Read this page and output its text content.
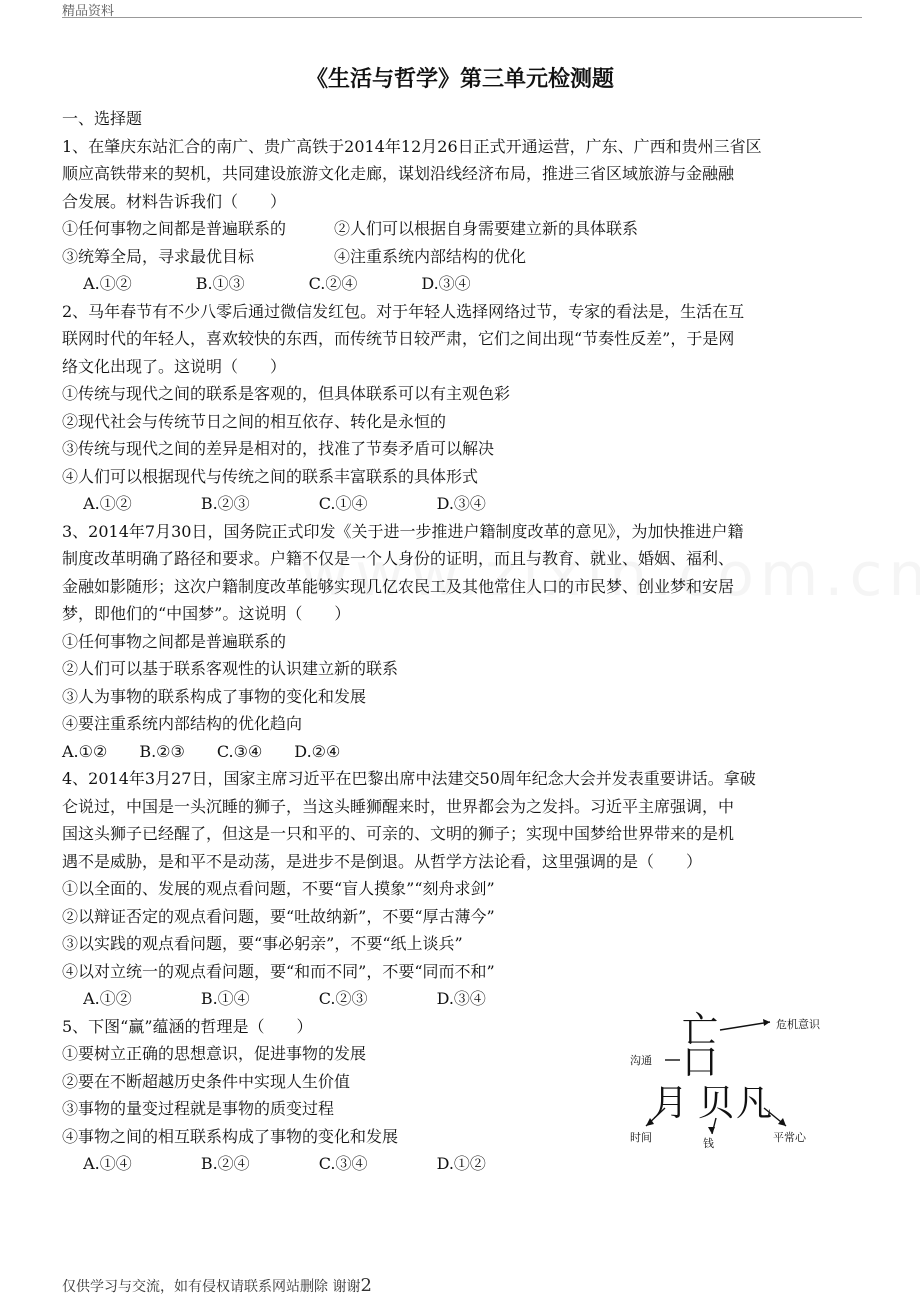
精品资料
《生活与哲学》第三单元检测题
一、选择题
1、在肇庆东站汇合的南广、贵广高铁于2014年12月26日正式开通运营，广东、广西和贵州三省区
顺应高铁带来的契机，共同建设旅游文化走廊，谋划沿线经济布局，推进三省区域旅游与金融融
合发展。材料告诉我们（　　）
①任何事物之间都是普遍联系的　　　②人们可以根据自身需要建立新的具体联系
③统筹全局，寻求最优目标　　　　　④注重系统内部结构的优化
　 A.①②　　　　B.①③　　　　C.②④　　　　D.③④
2、马年春节有不少八零后通过微信发红包。对于年轻人选择网络过节，专家的看法是，生活在互
联网时代的年轻人，喜欢较快的东西，而传统节日较严肃，它们之间出现“节奏性反差”，于是网
络文化出现了。这说明（　　）
①传统与现代之间的联系是客观的，但具体联系可以有主观色彩
②现代社会与传统节日之间的相互依存、转化是永恒的
③传统与现代之间的差异是相对的，找准了节奏矛盾可以解决
④人们可以根据现代与传统之间的联系丰富联系的具体形式
　 A.①②　　　　 B.②③　　　　 C.①④　　　　 D.③④
3、2014年7月30日，国务院正式印发《关于进一步推进户籍制度改革的意见》，为加快推进户籍
制度改革明确了路径和要求。户籍不仅是一个人身份的证明，而且与教育、就业、婚姻、福利、
金融如影随形；这次户籍制度改革能够实现几亿农民工及其他常住人口的市民梦、创业梦和安居
梦，即他们的“中国梦”。这说明（　　）
①任何事物之间都是普遍联系的
②人们可以基于联系客观性的认识建立新的联系
③人为事物的联系构成了事物的变化和发展
④要注重系统内部结构的优化趋向
A.①②　　B.②③　　C.③④　　D.②④
4、2014年3月27日，国家主席习近平在巴黎出席中法建交50周年纪念大会并发表重要讲话。拿破
仑说过，中国是一头沉睡的狮子，当这头睡狮醒来时，世界都会为之发抖。习近平主席强调，中
国这头狮子已经醒了，但这是一只和平的、可亲的、文明的狮子；实现中国梦给世界带来的是机
遇不是威胁，是和平不是动荡，是进步不是倒退。从哲学方法论看，这里强调的是（　　）
①以全面的、发展的观点看问题，不要“盲人摸象”“刻舟求剑”
②以辩证否定的观点看问题，要“吐故纳新”，不要“厚古薄今”
③以实践的观点看问题，要“事必躬亲”，不要“纸上谈兵”
④以对立统一的观点看问题，要“和而不同”，不要“同而不和”
　 A.①②　　　　 B.①④　　　　 C.②③　　　　 D.③④
5、下图“赢”蕴涵的哲理是（　　）
①要树立正确的思想意识，促进事物的发展
②要在不断超越历史条件中实现人生价值
③事物的量变过程就是事物的质变过程
④事物之间的相互联系构成了事物的变化和发展
　 A.①④　　　　 B.②④　　　　 C.③④　　　　 D.①②
亡
口
月 贝 凡
危机意识
沟通
时间	钱	平常心
仅供学习与交流，如有侵权请联系网站删除 谢谢2
